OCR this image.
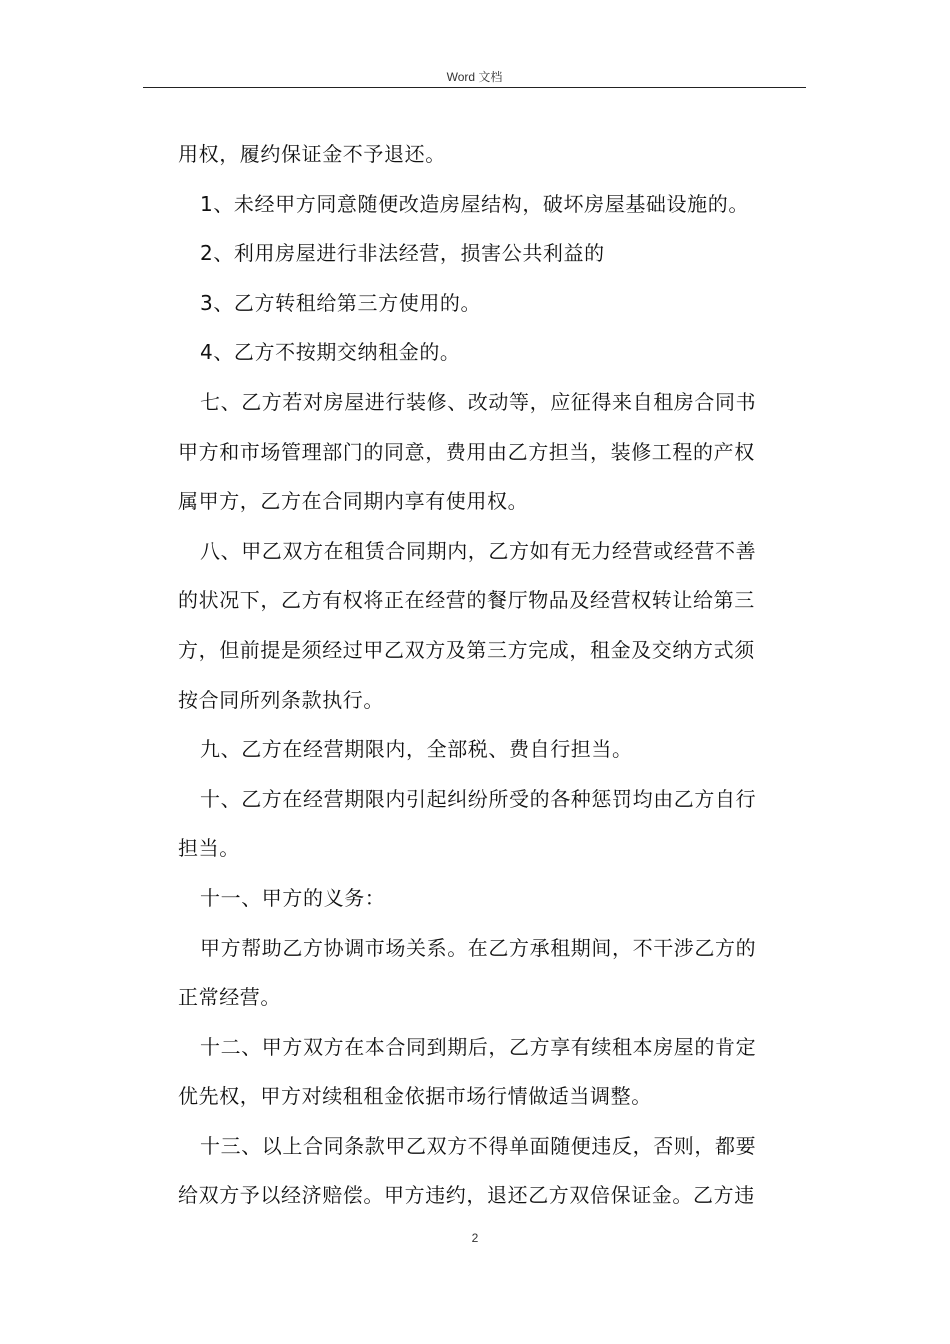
Word 文档
用权，履约保证金不予退还。
1、未经甲方同意随便改造房屋结构，破坏房屋基础设施的。
2、利用房屋进行非法经营，损害公共利益的
3、乙方转租给第三方使用的。
4、乙方不按期交纳租金的。
七、乙方若对房屋进行装修、改动等，应征得来自租房合同书
甲方和市场管理部门的同意，费用由乙方担当，装修工程的产权
属甲方，乙方在合同期内享有使用权。
八、甲乙双方在租赁合同期内，乙方如有无力经营或经营不善
的状况下，乙方有权将正在经营的餐厅物品及经营权转让给第三
方，但前提是须经过甲乙双方及第三方完成，租金及交纳方式须
按合同所列条款执行。
九、乙方在经营期限内，全部税、费自行担当。
十、乙方在经营期限内引起纠纷所受的各种惩罚均由乙方自行
担当。
十一、甲方的义务：
甲方帮助乙方协调市场关系。在乙方承租期间，不干涉乙方的
正常经营。
十二、甲方双方在本合同到期后，乙方享有续租本房屋的肯定
优先权，甲方对续租租金依据市场行情做适当调整。
十三、以上合同条款甲乙双方不得单面随便违反，否则，都要
给双方予以经济赔偿。甲方违约，退还乙方双倍保证金。乙方违
2
